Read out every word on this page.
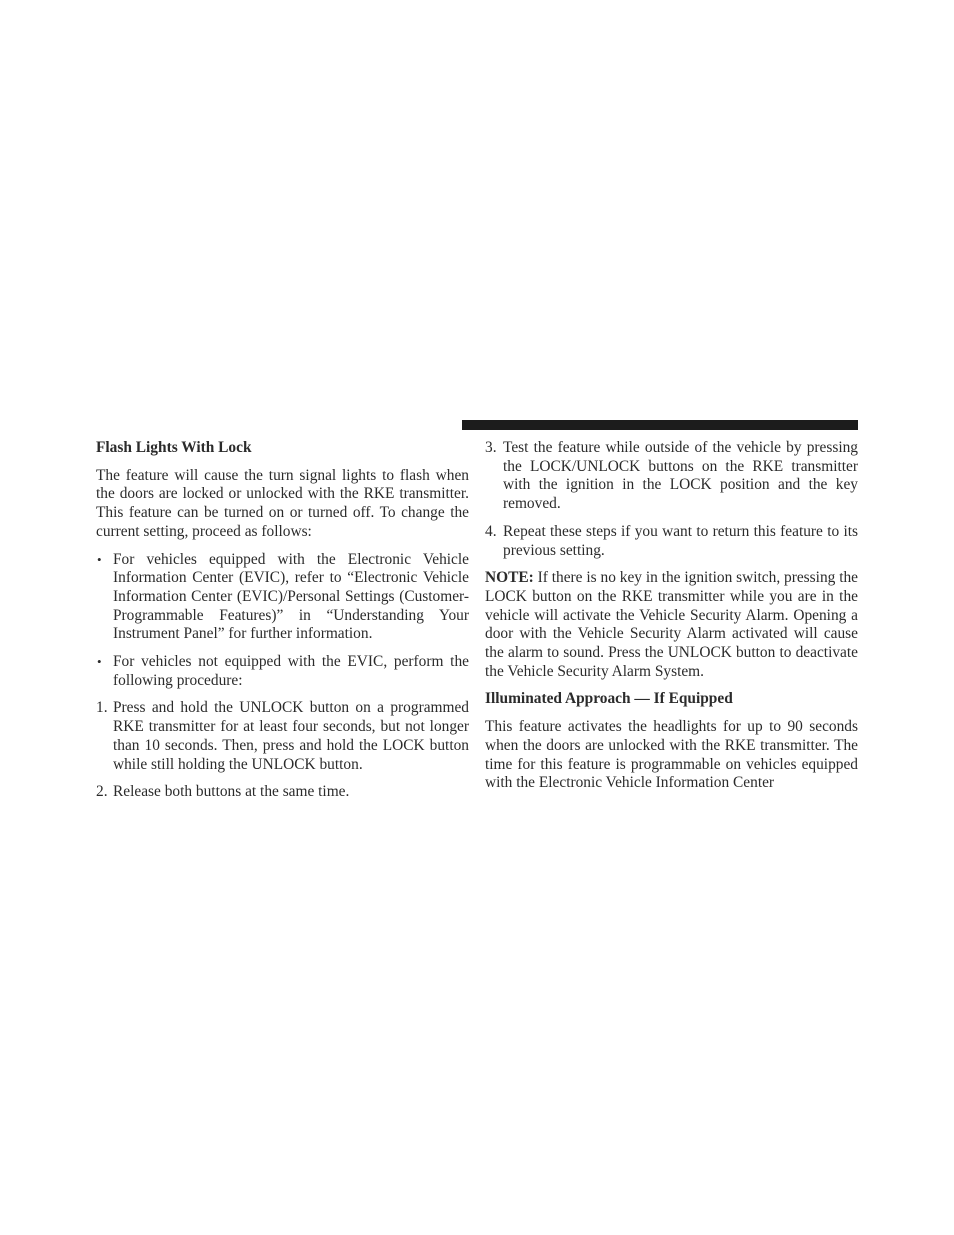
Flash Lights With Lock

The feature will cause the turn signal lights to flash when the doors are locked or unlocked with the RKE transmitter. This feature can be turned on or turned off. To change the current setting, proceed as follows:

• For vehicles equipped with the Electronic Vehicle Information Center (EVIC), refer to “Electronic Vehicle Information Center (EVIC)/Personal Settings (Customer-Programmable Features)” in “Understanding Your Instrument Panel” for further information.
• For vehicles not equipped with the EVIC, perform the following procedure:
1. Press and hold the UNLOCK button on a programmed RKE transmitter for at least four seconds, but not longer than 10 seconds. Then, press and hold the LOCK button while still holding the UNLOCK button.
2. Release both buttons at the same time.
3. Test the feature while outside of the vehicle by pressing the LOCK/UNLOCK buttons on the RKE transmitter with the ignition in the LOCK position and the key removed.
4. Repeat these steps if you want to return this feature to its previous setting.

NOTE: If there is no key in the ignition switch, pressing the LOCK button on the RKE transmitter while you are in the vehicle will activate the Vehicle Security Alarm. Opening a door with the Vehicle Security Alarm activated will cause the alarm to sound. Press the UNLOCK button to deactivate the Vehicle Security Alarm System.

Illuminated Approach — If Equipped

This feature activates the headlights for up to 90 seconds when the doors are unlocked with the RKE transmitter. The time for this feature is programmable on vehicles equipped with the Electronic Vehicle Information Center
